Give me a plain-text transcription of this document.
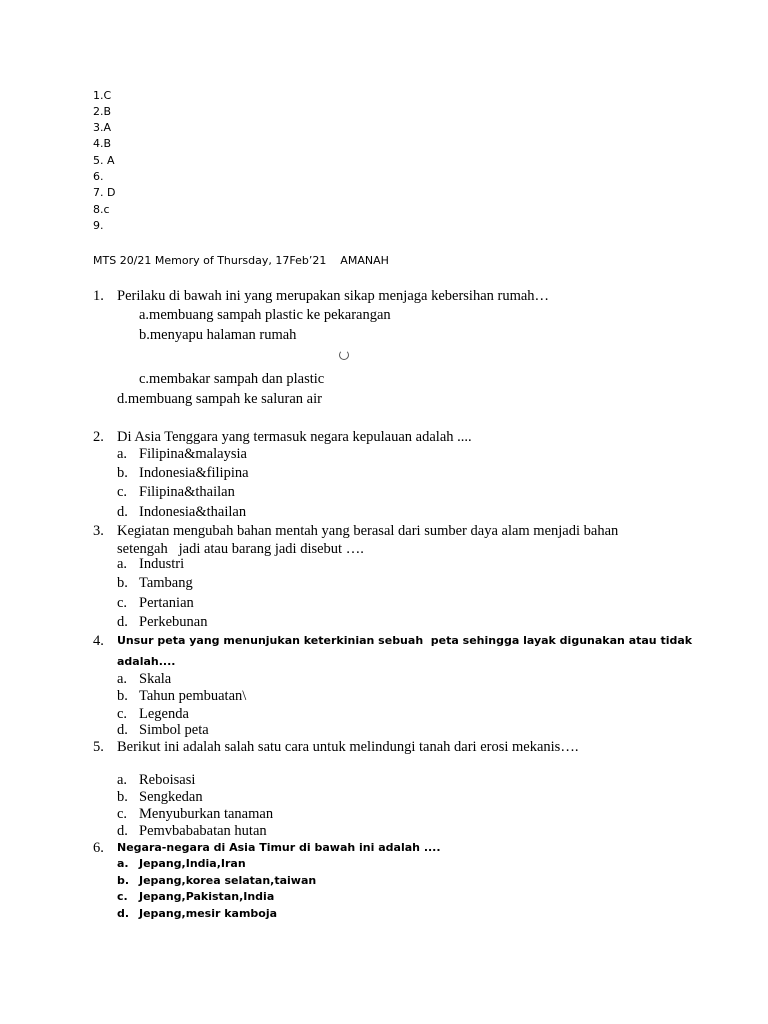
1.C
2.B
3.A
4.B
5. A
6.
7. D
8.c
9.
MTS 20/21 Memory of Thursday, 17Feb’21    AMANAH
1. Perilaku di bawah ini yang merupakan sikap menjaga kebersihan rumah…
a.membuang sampah plastic ke pekarangan
b.menyapu halaman rumah
c.membakar sampah dan plastic
d.membuang sampah ke saluran air
2. Di Asia Tenggara yang termasuk negara kepulauan adalah ....
a. Filipina&malaysia
b. Indonesia&filipina
c. Filipina&thailan
d. Indonesia&thailan
3. Kegiatan mengubah bahan mentah yang berasal dari sumber daya alam menjadi bahan
setengah   jadi atau barang jadi disebut ….
a. Industri
b. Tambang
c. Pertanian
d. Perkebunan
4. Unsur peta yang menunjukan keterkinian sebuah  peta sehingga layak digunakan atau tidak
adalah....
a. Skala
b. Tahun pembuatan\
c. Legenda
d. Simbol peta
5. Berikut ini adalah salah satu cara untuk melindungi tanah dari erosi mekanis….
a. Reboisasi
b. Sengkedan
c. Menyuburkan tanaman
d. Pemvbababatan hutan
6. Negara-negara di Asia Timur di bawah ini adalah ....
a. Jepang,India,Iran
b. Jepang,korea selatan,taiwan
c. Jepang,Pakistan,India
d. Jepang,mesir kamboja
